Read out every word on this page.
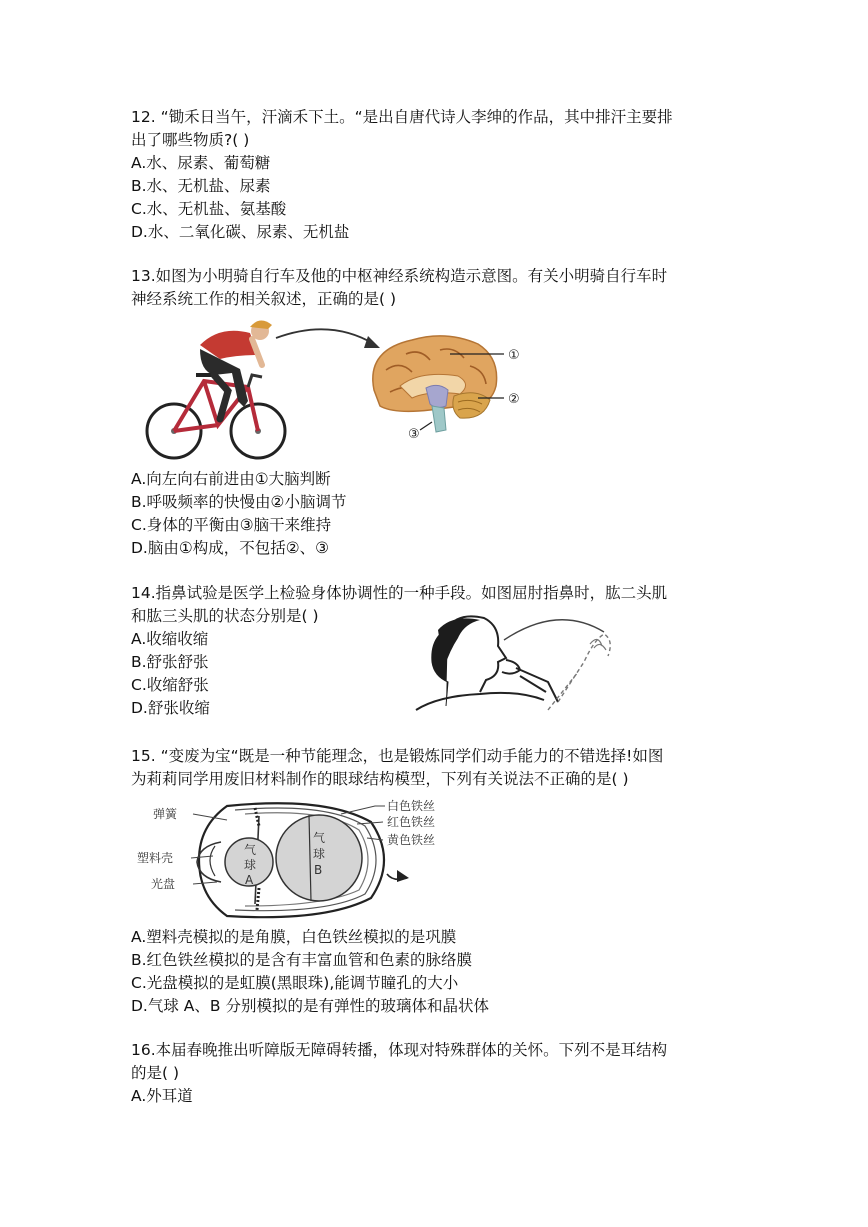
12. “锄禾日当午，汗滴禾下土。“是出自唐代诗人李绅的作品，其中排汗主要排
出了哪些物质?( )
A.水、尿素、葡萄糖
B.水、无机盐、尿素
C.水、无机盐、氨基酸
D.水、二氧化碳、尿素、无机盐
13.如图为小明骑自行车及他的中枢神经系统构造示意图。有关小明骑自行车时
神经系统工作的相关叙述，正确的是( )
①
②
③
A.向左向右前进由①大脑判断
B.呼吸频率的快慢由②小脑调节
C.身体的平衡由③脑干来维持
D.脑由①构成，不包括②、③
14.指鼻试验是医学上检验身体协调性的一种手段。如图屈肘指鼻时，肱二头肌
和肱三头肌的状态分别是( )
A.收缩收缩
B.舒张舒张
C.收缩舒张
D.舒张收缩
15. “变废为宝“既是一种节能理念，也是锻炼同学们动手能力的不错选择!如图
为莉莉同学用废旧材料制作的眼球结构模型，下列有关说法不正确的是( )
弹簧
塑料壳
光盘
白色铁丝
红色铁丝
黄色铁丝
气
球
A
气
球
B
A.塑料壳模拟的是角膜，白色铁丝模拟的是巩膜
B.红色铁丝模拟的是含有丰富血管和色素的脉络膜
C.光盘模拟的是虹膜(黑眼珠),能调节瞳孔的大小
D.气球 A、B 分别模拟的是有弹性的玻璃体和晶状体
16.本届春晚推出听障版无障碍转播，体现对特殊群体的关怀。下列不是耳结构
的是( )
A.外耳道
